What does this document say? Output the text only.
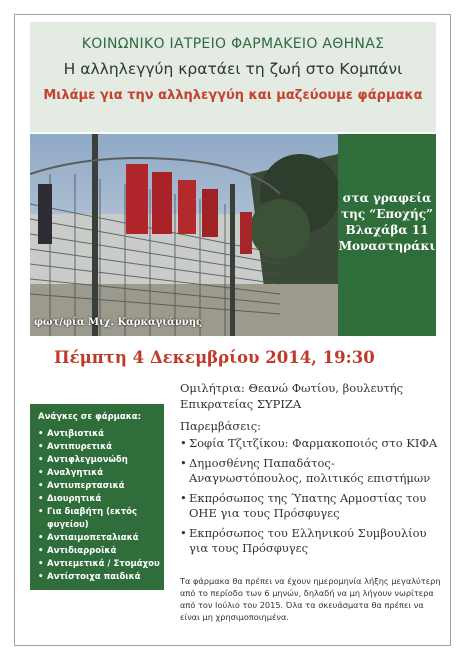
ΚΟΙΝΩΝΙΚΟ ΙΑΤΡΕΙΟ ΦΑΡΜΑΚΕΙΟ ΑΘΗΝΑΣ
Η αλληλεγγύη κρατάει τη ζωή στο Κομπάνι
Μιλάμε για την αλληλεγγύη και μαζεύουμε φάρμακα
φωτ/φία Μιχ. Καρκαγιάννης
στα γραφεία
της “Εποχής”
Βλαχάβα 11
Μοναστηράκι
Πέμπτη 4 Δεκεμβρίου 2014, 19:30
Ανάγκες σε φάρμακα:
• Αντιβιοτικά
• Αντιπυρετικά
• Αντιφλεγμονώδη
• Αναλγητικά
• Αντιυπερτασικά
• Διουρητικά
• Για διαβήτη (εκτός
φυγείου)
• Αντιαιμοπεταλιακά
• Αντιδιαρροϊκά
• Αντιεμετικά / Στομάχου
• Αντίστοιχα παιδικά
Ομιλήτρια: Θεανώ Φωτίου, βουλευτής
Επικρατείας ΣΥΡΙΖΑ
Παρεμβάσεις:
• Σοφία Τζιτζίκου: Φαρμακοποιός στο ΚΙΦΑ
• Δημοσθένης Παπαδάτος-Αναγνωστόπουλος, πολιτικός επιστήμων
• Εκπρόσωπος της Ύπατης Αρμοστίας του ΟΗΕ για τους Πρόσφυγες
• Εκπρόσωπος του Ελληνικού Συμβουλίου για τους Πρόσφυγες
Τα φάρμακα θα πρέπει να έχουν ημερομηνία λήξης μεγαλύτερη από το περίοδο των 6 μηνών, δηλαδή να μη λήγουν νωρίτερα από τον Ιούλιο του 2015. Όλα τα σκευάσματα θα πρέπει να είναι μη χρησιμοποιημένα.
